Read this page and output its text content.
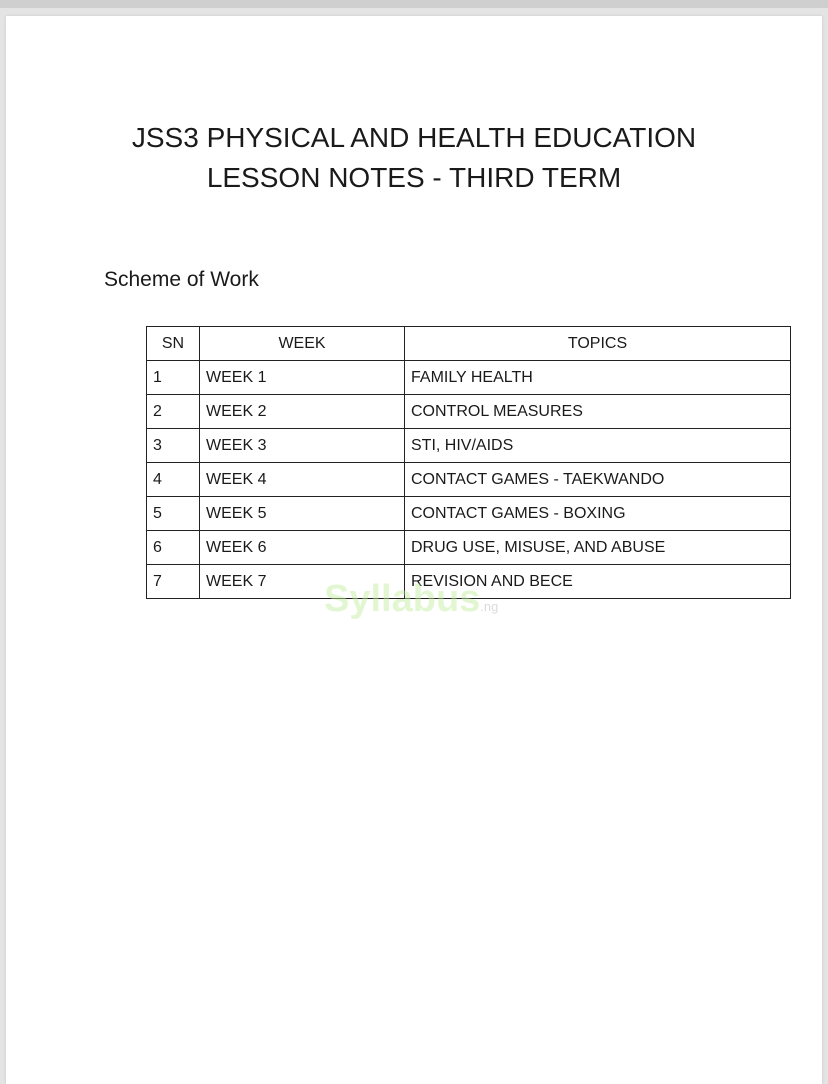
JSS3 PHYSICAL AND HEALTH EDUCATION
LESSON NOTES - THIRD TERM
Scheme of Work
SN	WEEK	TOPICS
1	WEEK 1	FAMILY HEALTH
2	WEEK 2	CONTROL MEASURES
3	WEEK 3	STI, HIV/AIDS
4	WEEK 4	CONTACT GAMES - TAEKWANDO
5	WEEK 5	CONTACT GAMES - BOXING
6	WEEK 6	DRUG USE, MISUSE, AND ABUSE
7	WEEK 7	REVISION AND BECE
Syllabus.ng
